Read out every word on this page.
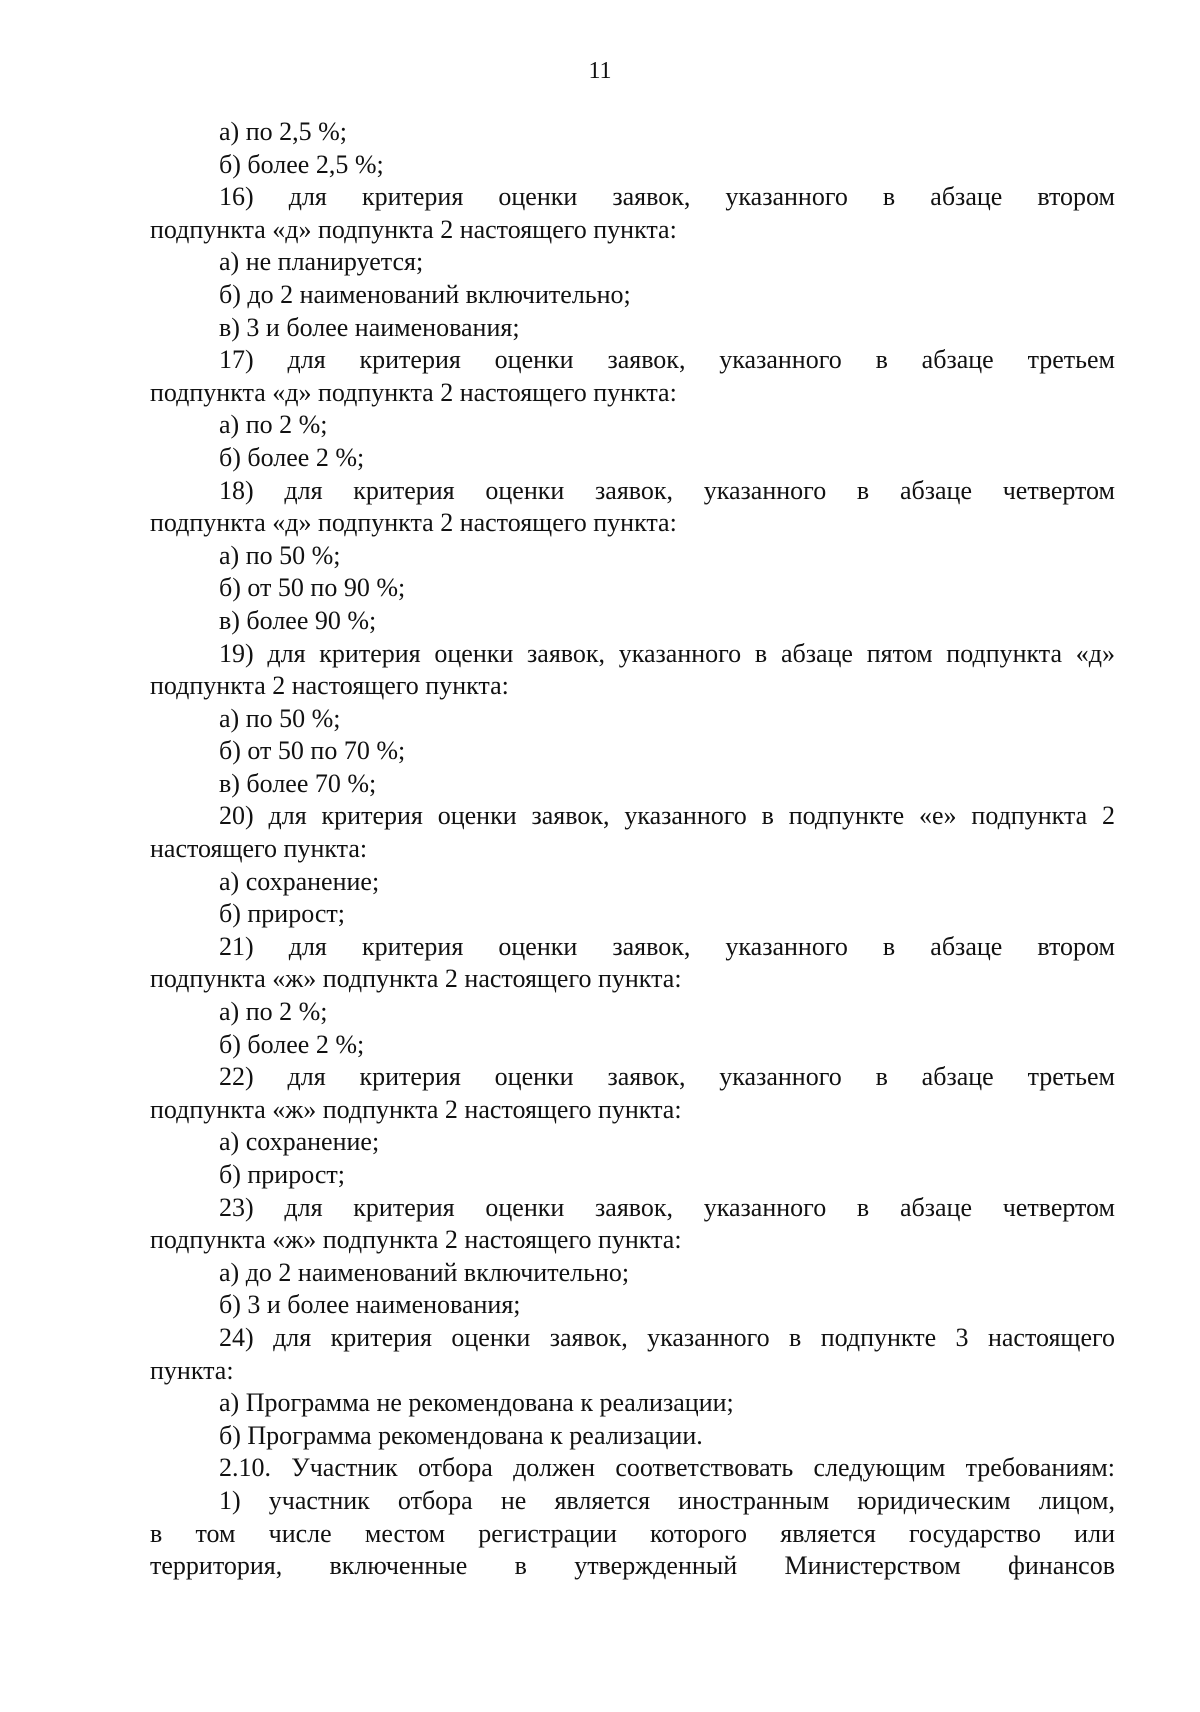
11
а) по 2,5 %;
б) более 2,5 %;
16) для критерия оценки заявок, указанного в абзаце втором
подпункта «д» подпункта 2 настоящего пункта:
а) не планируется;
б) до 2 наименований включительно;
в) 3 и более наименования;
17) для критерия оценки заявок, указанного в абзаце третьем
подпункта «д» подпункта 2 настоящего пункта:
а) по 2 %;
б) более 2 %;
18) для критерия оценки заявок, указанного в абзаце четвертом
подпункта «д» подпункта 2 настоящего пункта:
а) по 50 %;
б) от 50 по 90 %;
в) более 90 %;
19) для критерия оценки заявок, указанного в абзаце пятом подпункта «д»
подпункта 2 настоящего пункта:
а) по 50 %;
б) от 50 по 70 %;
в) более 70 %;
20) для критерия оценки заявок, указанного в подпункте «е» подпункта 2
настоящего пункта:
а) сохранение;
б) прирост;
21) для критерия оценки заявок, указанного в абзаце втором
подпункта «ж» подпункта 2 настоящего пункта:
а) по 2 %;
б) более 2 %;
22) для критерия оценки заявок, указанного в абзаце третьем
подпункта «ж» подпункта 2 настоящего пункта:
а) сохранение;
б) прирост;
23) для критерия оценки заявок, указанного в абзаце четвертом
подпункта «ж» подпункта 2 настоящего пункта:
а) до 2 наименований включительно;
б) 3 и более наименования;
24) для критерия оценки заявок, указанного в подпункте 3 настоящего
пункта:
а) Программа не рекомендована к реализации;
б) Программа рекомендована к реализации.
2.10. Участник отбора должен соответствовать следующим требованиям:
1) участник отбора не является иностранным юридическим лицом,
в том числе местом регистрации которого является государство или
территория, включенные в утвержденный Министерством финансов
